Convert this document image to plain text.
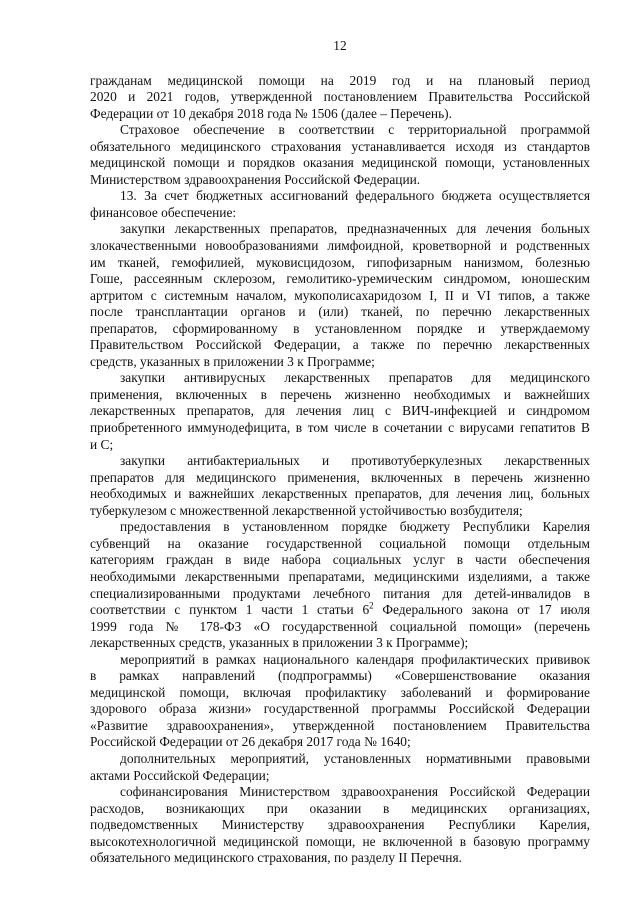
12

гражданам медицинской помощи на 2019 год и на плановый период

2020 и 2021 годов, утвержденной постановлением Правительства Российской

Федерации от 10 декабря 2018 года № 1506 (далее – Перечень).

Страховое обеспечение в соответствии с территориальной программой

обязательного медицинского страхования устанавливается исходя из стандартов

медицинской помощи и порядков оказания медицинской помощи, установленных

Министерством здравоохранения Российской Федерации.

13. За счет бюджетных ассигнований федерального бюджета осуществляется

финансовое обеспечение:

закупки лекарственных препаратов, предназначенных для лечения больных

злокачественными новообразованиями лимфоидной, кроветворной и родственных

им тканей, гемофилией, муковисцидозом, гипофизарным нанизмом, болезнью

Гоше, рассеянным склерозом, гемолитико-уремическим синдромом, юношеским

артритом с системным началом, мукополисахаридозом I, II и VI типов, а также

после трансплантации органов и (или) тканей, по перечню лекарственных

препаратов, сформированному в установленном порядке и утверждаемому

Правительством Российской Федерации, а также по перечню лекарственных

средств, указанных в приложении 3 к Программе;

закупки антивирусных лекарственных препаратов для медицинского

применения, включенных в перечень жизненно необходимых и важнейших

лекарственных препаратов, для лечения лиц с ВИЧ-инфекцией и синдромом

приобретенного иммунодефицита, в том числе в сочетании с вирусами гепатитов В

и С;

закупки антибактериальных и противотуберкулезных лекарственных

препаратов для медицинского применения, включенных в перечень жизненно

необходимых и важнейших лекарственных препаратов, для лечения лиц, больных

туберкулезом с множественной лекарственной устойчивостью возбудителя;

предоставления в установленном порядке бюджету Республики Карелия

субвенций на оказание государственной социальной помощи отдельным

категориям граждан в виде набора социальных услуг в части обеспечения

необходимыми лекарственными препаратами, медицинскими изделиями, а также

специализированными продуктами лечебного питания для детей-инвалидов в

соответствии с пунктом 1 части 1 статьи $6^2$ Федерального закона от 17 июля

1999 года № 178-ФЗ «О государственной социальной помощи» (перечень

лекарственных средств, указанных в приложении 3 к Программе);

мероприятий в рамках национального календаря профилактических прививок

в рамках направлений (подпрограммы) «Совершенствование оказания

медицинской помощи, включая профилактику заболеваний и формирование

здорового образа жизни» государственной программы Российской Федерации

«Развитие здравоохранения», утвержденной постановлением Правительства

Российской Федерации от 26 декабря 2017 года № 1640;

дополнительных мероприятий, установленных нормативными правовыми

актами Российской Федерации;

софинансирования Министерством здравоохранения Российской Федерации

расходов, возникающих при оказании в медицинских организациях,

подведомственных Министерству здравоохранения Республики Карелия,

высокотехнологичной медицинской помощи, не включенной в базовую программу

обязательного медицинского страхования, по разделу II Перечня.
